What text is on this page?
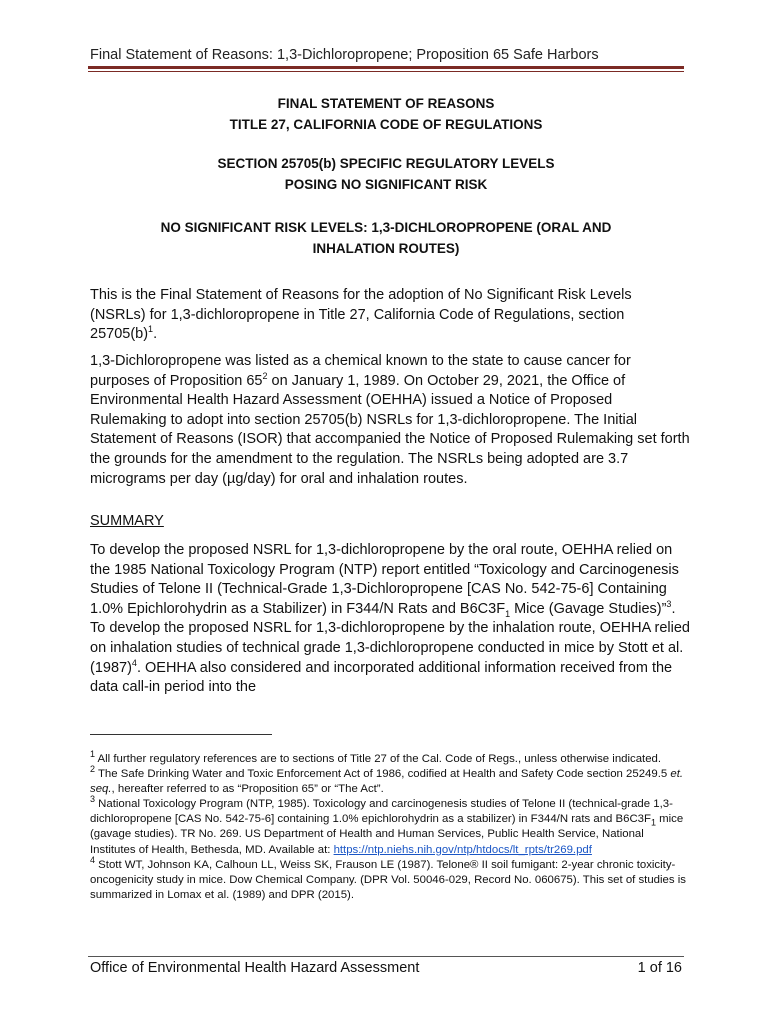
Final Statement of Reasons: 1,3-Dichloropropene; Proposition 65 Safe Harbors
FINAL STATEMENT OF REASONS
TITLE 27, CALIFORNIA CODE OF REGULATIONS
SECTION 25705(b) SPECIFIC REGULATORY LEVELS
POSING NO SIGNIFICANT RISK
NO SIGNIFICANT RISK LEVELS: 1,3-DICHLOROPROPENE (ORAL AND
INHALATION ROUTES)

This is the Final Statement of Reasons for the adoption of No Significant Risk Levels (NSRLs) for 1,3-dichloropropene in Title 27, California Code of Regulations, section $25705(b)^1$.

1,3-Dichloropropene was listed as a chemical known to the state to cause cancer for purposes of Proposition $65^2$ on January 1, 1989. On October 29, 2021, the Office of Environmental Health Hazard Assessment (OEHHA) issued a Notice of Proposed Rulemaking to adopt into section 25705(b) NSRLs for 1,3-dichloropropene. The Initial Statement of Reasons (ISOR) that accompanied the Notice of Proposed Rulemaking set forth the grounds for the amendment to the regulation. The NSRLs being adopted are 3.7 micrograms per day (µg/day) for oral and inhalation routes.

SUMMARY

To develop the proposed NSRL for 1,3-dichloropropene by the oral route, OEHHA relied on the 1985 National Toxicology Program (NTP) report entitled “Toxicology and Carcinogenesis Studies of Telone II (Technical-Grade 1,3-Dichloropropene [CAS No. 542-75-6] Containing 1.0% Epichlorohydrin as a Stabilizer) in F344/N Rats and $B6C3F_1$ Mice (Gavage Studies)”$^3$. To develop the proposed NSRL for 1,3-dichloropropene by the inhalation route, OEHHA relied on inhalation studies of technical grade 1,3-dichloropropene conducted in mice by Stott et al. $(1987)^4$. OEHHA also considered and incorporated additional information received from the data call-in period into the

$^1$ All further regulatory references are to sections of Title 27 of the Cal. Code of Regs., unless otherwise indicated.

$^2$ The Safe Drinking Water and Toxic Enforcement Act of 1986, codified at Health and Safety Code section 25249.5 et. seq., hereafter referred to as “Proposition 65” or “The Act”.

$^3$ National Toxicology Program (NTP, 1985). Toxicology and carcinogenesis studies of Telone II (technical-grade 1,3-dichloropropene [CAS No. 542-75-6] containing 1.0% epichlorohydrin as a stabilizer) in F344/N rats and $B6C3F_1$ mice (gavage studies). TR No. 269. US Department of Health and Human Services, Public Health Service, National Institutes of Health, Bethesda, MD. Available at: https://ntp.niehs.nih.gov/ntp/htdocs/lt_rpts/tr269.pdf

$^4$ Stott WT, Johnson KA, Calhoun LL, Weiss SK, Frauson LE (1987). Telone® II soil fumigant: 2-year chronic toxicity-oncogenicity study in mice. Dow Chemical Company. (DPR Vol. 50046-029, Record No. 060675). This set of studies is summarized in Lomax et al. (1989) and DPR (2015).

Office of Environmental Health Hazard Assessment	1 of 16
